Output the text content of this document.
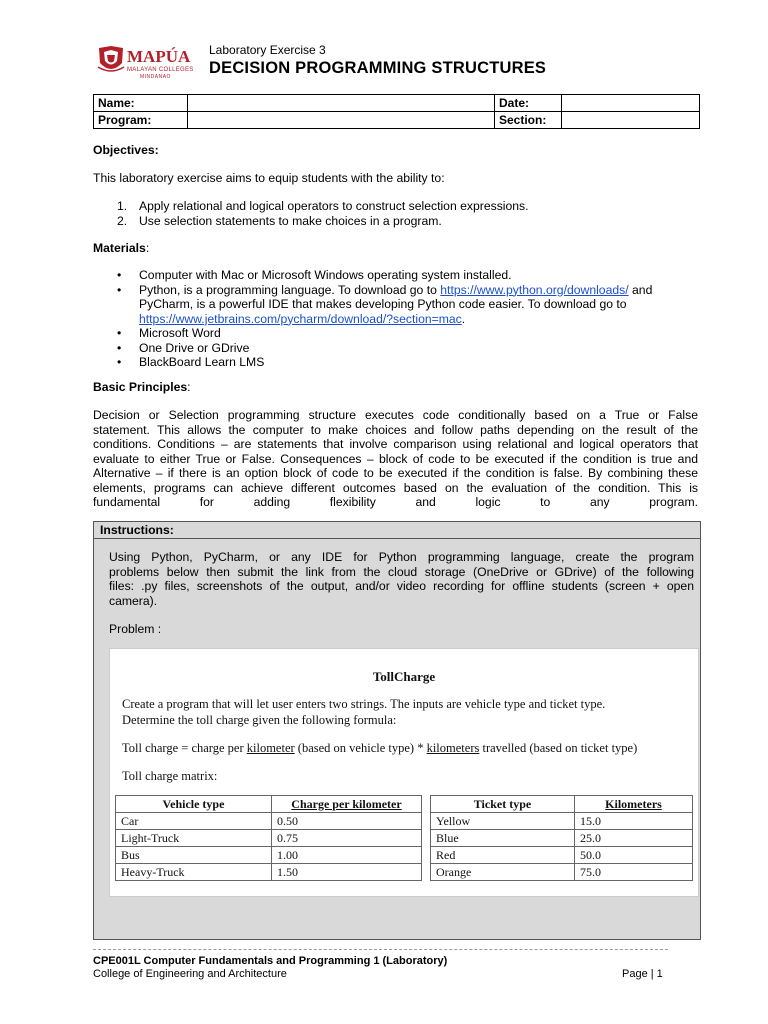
MAPÚA
MALAYAN COLLEGES
MINDANAO
Laboratory Exercise 3
DECISION PROGRAMMING STRUCTURES
Name:		Date:	
Program:		Section:	
Objectives:
This laboratory exercise aims to equip students with the ability to:
1. Apply relational and logical operators to construct selection expressions.
2. Use selection statements to make choices in a program.
Materials:
• Computer with Mac or Microsoft Windows operating system installed.
• Python, is a programming language. To download go to https://www.python.org/downloads/ and
PyCharm, is a powerful IDE that makes developing Python code easier. To download go to
https://www.jetbrains.com/pycharm/download/?section=mac.
• Microsoft Word
• One Drive or GDrive
• BlackBoard Learn LMS
Basic Principles:
Decision or Selection programming structure executes code conditionally based on a True or False
statement. This allows the computer to make choices and follow paths depending on the result of the
conditions. Conditions – are statements that involve comparison using relational and logical operators that
evaluate to either True or False. Consequences – block of code to be executed if the condition is true and
Alternative – if there is an option block of code to be executed if the condition is false. By combining these
elements, programs can achieve different outcomes based on the evaluation of the condition. This is
fundamental for adding flexibility and logic to any program.
Instructions:
Using Python, PyCharm, or any IDE for Python programming language, create the program
problems below then submit the link from the cloud storage (OneDrive or GDrive) of the following
files: .py files, screenshots of the output, and/or video recording for offline students (screen + open
camera).
Problem :
TollCharge
Create a program that will let user enters two strings. The inputs are vehicle type and ticket type.
Determine the toll charge given the following formula:
Toll charge = charge per kilometer (based on vehicle type) * kilometers travelled (based on ticket type)
Toll charge matrix:
Vehicle type	Charge per kilometer
Car	0.50
Light-Truck	0.75
Bus	1.00
Heavy-Truck	1.50
Ticket type	Kilometers
Yellow	15.0
Blue	25.0
Red	50.0
Orange	75.0
CPE001L Computer Fundamentals and Programming 1 (Laboratory)
College of Engineering and Architecture	Page | 1
